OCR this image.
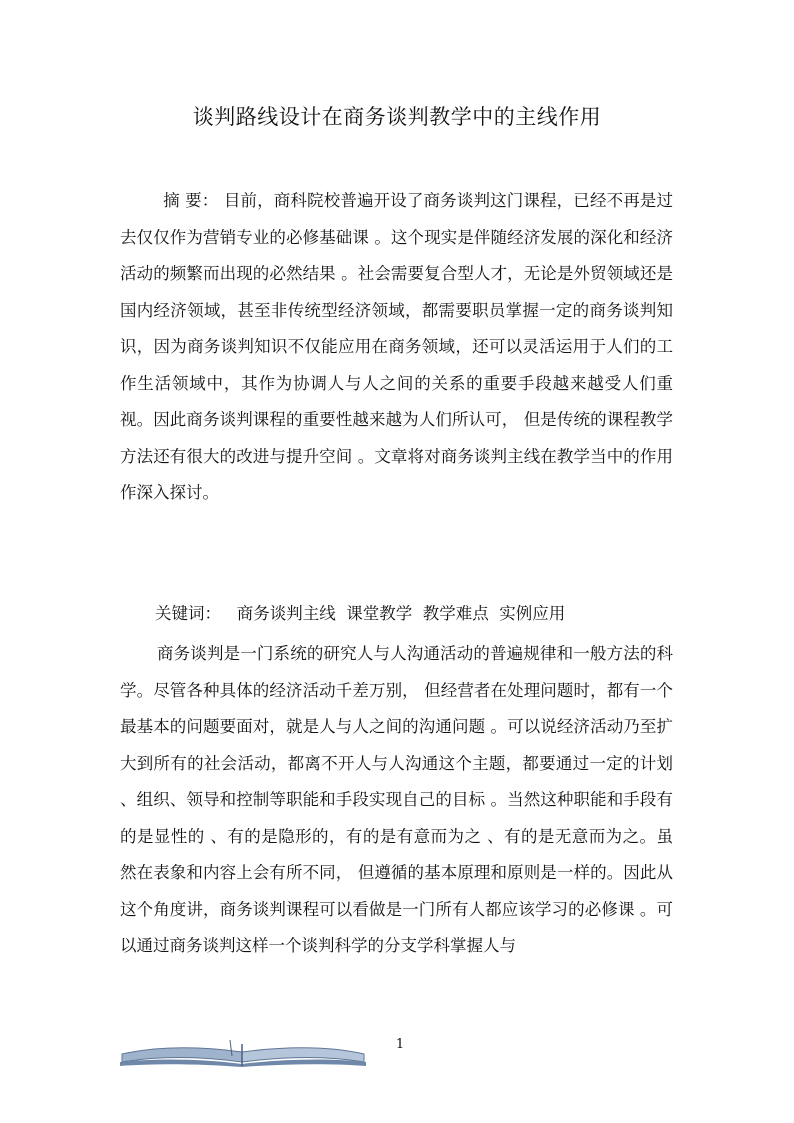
谈判路线设计在商务谈判教学中的主线作用

摘 要： 目前，商科院校普遍开设了商务谈判这门课程，已经不再是过去仅仅作为营销专业的必修基础课 。这个现实是伴随经济发展的深化和经济活动的频繁而出现的必然结果 。社会需要复合型人才，无论是外贸领域还是国内经济领域，甚至非传统型经济领域，都需要职员掌握一定的商务谈判知识，因为商务谈判知识不仅能应用在商务领域，还可以灵活运用于人们的工作生活领域中，其作为协调人与人之间的关系的重要手段越来越受人们重视。因此商务谈判课程的重要性越来越为人们所认可， 但是传统的课程教学方法还有很大的改进与提升空间 。文章将对商务谈判主线在教学当中的作用作深入探讨。

关键词： 商务谈判主线  课堂教学  教学难点  实例应用

商务谈判是一门系统的研究人与人沟通活动的普遍规律和一般方法的科学。尽管各种具体的经济活动千差万别， 但经营者在处理问题时，都有一个最基本的问题要面对，就是人与人之间的沟通问题 。可以说经济活动乃至扩大到所有的社会活动，都离不开人与人沟通这个主题，都要通过一定的计划 、组织、领导和控制等职能和手段实现自己的目标 。当然这种职能和手段有的是显性的 、有的是隐形的，有的是有意而为之 、有的是无意而为之。虽然在表象和内容上会有所不同， 但遵循的基本原理和原则是一样的。因此从这个角度讲，商务谈判课程可以看做是一门所有人都应该学习的必修课 。可以通过商务谈判这样一个谈判科学的分支学科掌握人与

1
